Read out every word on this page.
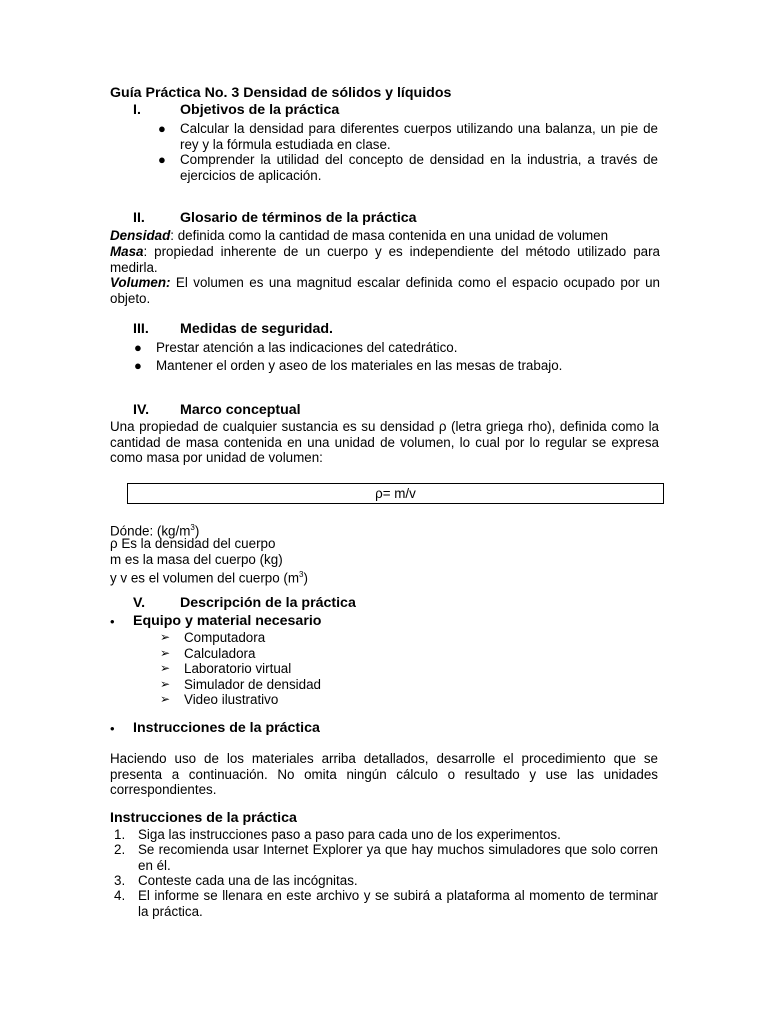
Guía Práctica No. 3 Densidad de sólidos y líquidos
I.	Objetivos de la práctica
● Calcular la densidad para diferentes cuerpos utilizando una balanza, un pie de rey y la fórmula estudiada en clase.
● Comprender la utilidad del concepto de densidad en la industria, a través de ejercicios de aplicación.
II. Glosario de términos de la práctica
Densidad: definida como la cantidad de masa contenida en una unidad de volumen
Masa: propiedad inherente de un cuerpo y es independiente del método utilizado para medirla.
Volumen: El volumen es una magnitud escalar definida como el espacio ocupado por un objeto.
III. Medidas de seguridad.
● Prestar atención a las indicaciones del catedrático.
● Mantener el orden y aseo de los materiales en las mesas de trabajo.
IV. Marco conceptual
Una propiedad de cualquier sustancia es su densidad ρ (letra griega rho), definida como la cantidad de masa contenida en una unidad de volumen, lo cual por lo regular se expresa como masa por unidad de volumen:
ρ= m/v
Dónde: $(kg/m^3)$
ρ Es la densidad del cuerpo
m es la masa del cuerpo (kg)
y v es el volumen del cuerpo $(m^3)$
V. Descripción de la práctica
• Equipo y material necesario
➢ Computadora
➢ Calculadora
➢ Laboratorio virtual
➢ Simulador de densidad
➢ Video ilustrativo
• Instrucciones de la práctica
Haciendo uso de los materiales arriba detallados, desarrolle el procedimiento que se presenta a continuación. No omita ningún cálculo o resultado y use las unidades correspondientes.
Instrucciones de la práctica
1. Siga las instrucciones paso a paso para cada uno de los experimentos.
2. Se recomienda usar Internet Explorer ya que hay muchos simuladores que solo corren en él.
3. Conteste cada una de las incógnitas.
4. El informe se llenara en este archivo y se subirá a plataforma al momento de terminar la práctica.
